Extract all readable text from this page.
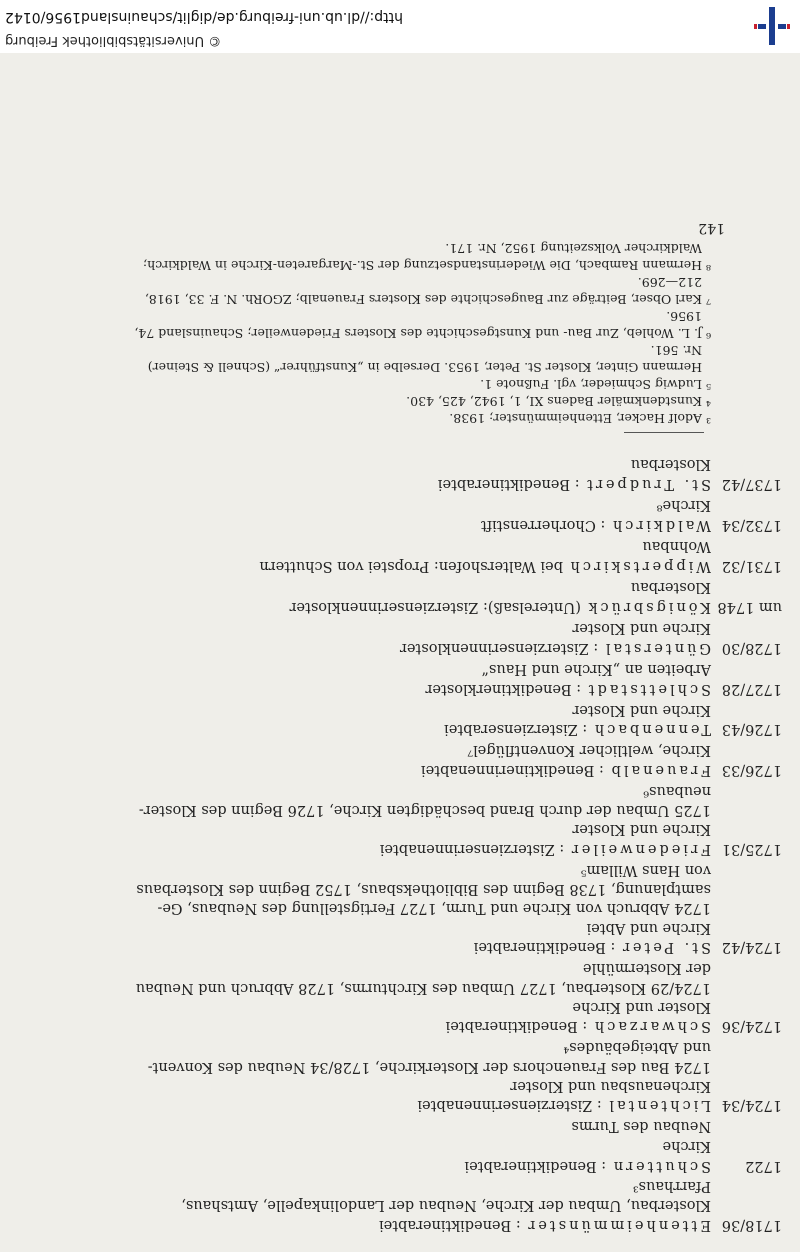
1718/36
Ettenheimmünster : Benediktinerabtei
Klosterbau, Umbau der Kirche, Neubau der Landolinkapelle, Amtshaus,
Pfarrhaus³
1722
Schuttern : Benediktinerabtei
Kirche
Neubau des Turms
1724/34
Lichtental : Zisterzienserinnenabtei
Kirchenausbau und Kloster
1724 Bau des Frauenchors der Klosterkirche, 1728/34 Neubau des Konvent-
und Abteigebäudes⁴
1724/36
Schwarzach : Benediktinerabtei
Kloster und Kirche
1724/29 Klosterbau, 1727 Umbau des Kirchturms, 1728 Abbruch und Neubau
der Klostermühle
1724/42
St. Peter : Benediktinerabtei
Kirche und Abtei
1724 Abbruch von Kirche und Turm, 1727 Fertigstellung des Neubaus, Ge-
samtplanung, 1738 Beginn des Bibliotheksbaus, 1752 Beginn des Klosterbaus
von Hans Willam⁵
1725/31
Friedenweiler : Zisterzienserinnenabtei
Kirche und Kloster
1725 Umbau der durch Brand beschädigten Kirche, 1726 Beginn des Kloster-
neubaus⁶
1726/33
Frauenalb : Benediktinerinnenabtei
Kirche, weltlicher Konventflügel⁷
1726/43
Tennenbach : Zisterzienserabtei
Kirche und Kloster
1727/28
Schlettstadt : Benediktinerkloster
Arbeiten an „Kirche und Haus“
1728/30
Günterstal : Zisterzienserinnenkloster
Kirche und Kloster
um 1748
Königsbrück (Unterelsaß): Zisterzienserinnenkloster
Klosterbau
1731/32
Wippertskirch bei Waltershofen: Propstei von Schuttern
Wohnbau
1732/34
Waldkirch : Chorherrenstift
Kirche⁸
1737/42
St. Trudpert : Benediktinerabtei
Klosterbau
³ Adolf Hacker, Ettenheimmünster; 1938.
⁴ Kunstdenkmäler Badens XI, 1, 1942, 425, 430.
⁵ Ludwig Schmieder, vgl. Fußnote 1.
Hermann Ginter, Kloster St. Peter, 1953. Derselbe in „Kunstführer“ (Schnell & Steiner)
Nr. 561.
⁶ J. L. Wohleb, Zur Bau- und Kunstgeschichte des Klosters Friedenweiler; Schauinsland 74,
1956.
⁷ Karl Obser, Beiträge zur Baugeschichte des Klosters Frauenalb; ZGORh. N. F. 33, 1918,
212—269.
⁸ Hermann Rambach, Die Wiederinstandsetzung der St.-Margareten-Kirche in Waldkirch;
Waldkircher Volkszeitung 1952, Nr. 171.
142
© Universitätsbibliothek Freiburg
http://dl.ub.uni-freiburg.de/diglit/schauinsland1956/0142
